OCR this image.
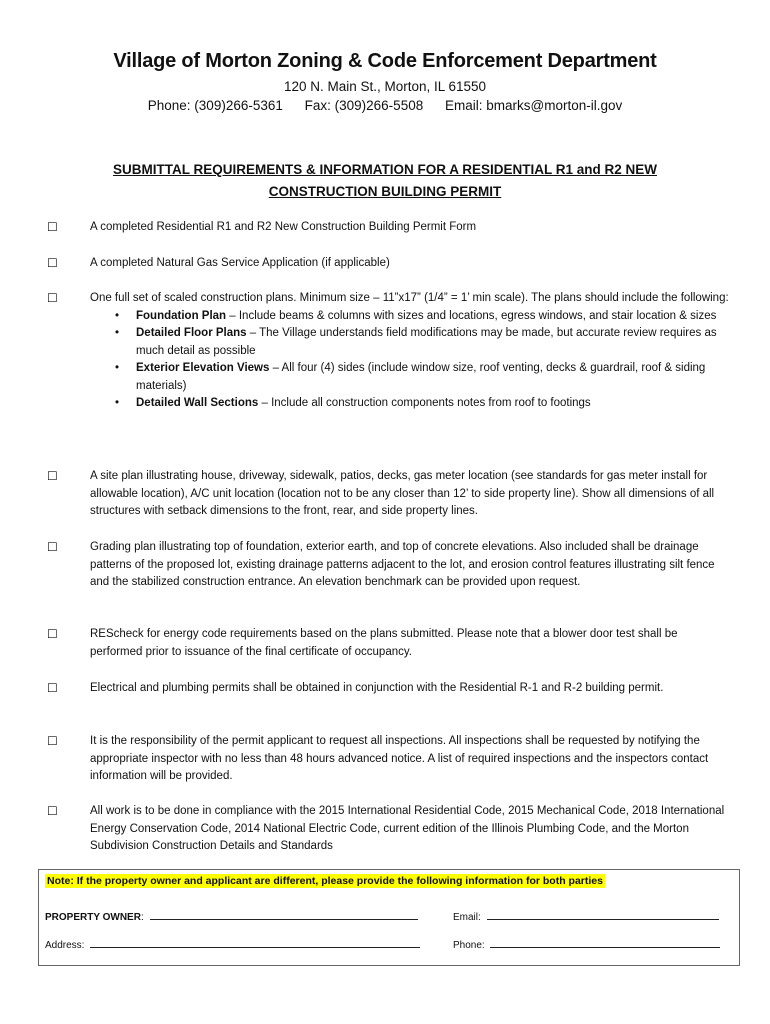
Village of Morton Zoning & Code Enforcement Department
120 N. Main St., Morton, IL 61550
Phone: (309)266-5361 Fax: (309)266-5508 Email: bmarks@morton-il.gov
SUBMITTAL REQUIREMENTS & INFORMATION FOR A RESIDENTIAL R1 and R2 NEW
CONSTRUCTION BUILDING PERMIT
☐	A completed Residential R1 and R2 New Construction Building Permit Form
☐	A completed Natural Gas Service Application (if applicable)
☐	One full set of scaled construction plans. Minimum size – 11”x17” (1/4” = 1’ min scale). The plans should include the following:
• Foundation Plan – Include beams & columns with sizes and locations, egress windows, and stair location & sizes
• Detailed Floor Plans – The Village understands field modifications may be made, but accurate review requires as much detail as possible
• Exterior Elevation Views – All four (4) sides (include window size, roof venting, decks & guardrail, roof & siding materials)
• Detailed Wall Sections – Include all construction components notes from roof to footings
☐	A site plan illustrating house, driveway, sidewalk, patios, decks, gas meter location (see standards for gas meter install for allowable location), A/C unit location (location not to be any closer than 12’ to side property line). Show all dimensions of all structures with setback dimensions to the front, rear, and side property lines.
☐	Grading plan illustrating top of foundation, exterior earth, and top of concrete elevations. Also included shall be drainage patterns of the proposed lot, existing drainage patterns adjacent to the lot, and erosion control features illustrating silt fence and the stabilized construction entrance. An elevation benchmark can be provided upon request.
☐	REScheck for energy code requirements based on the plans submitted. Please note that a blower door test shall be performed prior to issuance of the final certificate of occupancy.
☐	Electrical and plumbing permits shall be obtained in conjunction with the Residential R-1 and R-2 building permit.
☐	It is the responsibility of the permit applicant to request all inspections. All inspections shall be requested by notifying the appropriate inspector with no less than 48 hours advanced notice. A list of required inspections and the inspectors contact information will be provided.
☐	All work is to be done in compliance with the 2015 International Residential Code, 2015 Mechanical Code, 2018 International Energy Conservation Code, 2014 National Electric Code, current edition of the Illinois Plumbing Code, and the Morton Subdivision Construction Details and Standards
Note: If the property owner and applicant are different, please provide the following information for both parties
PROPERTY OWNER:	Email:
Address:	Phone:
